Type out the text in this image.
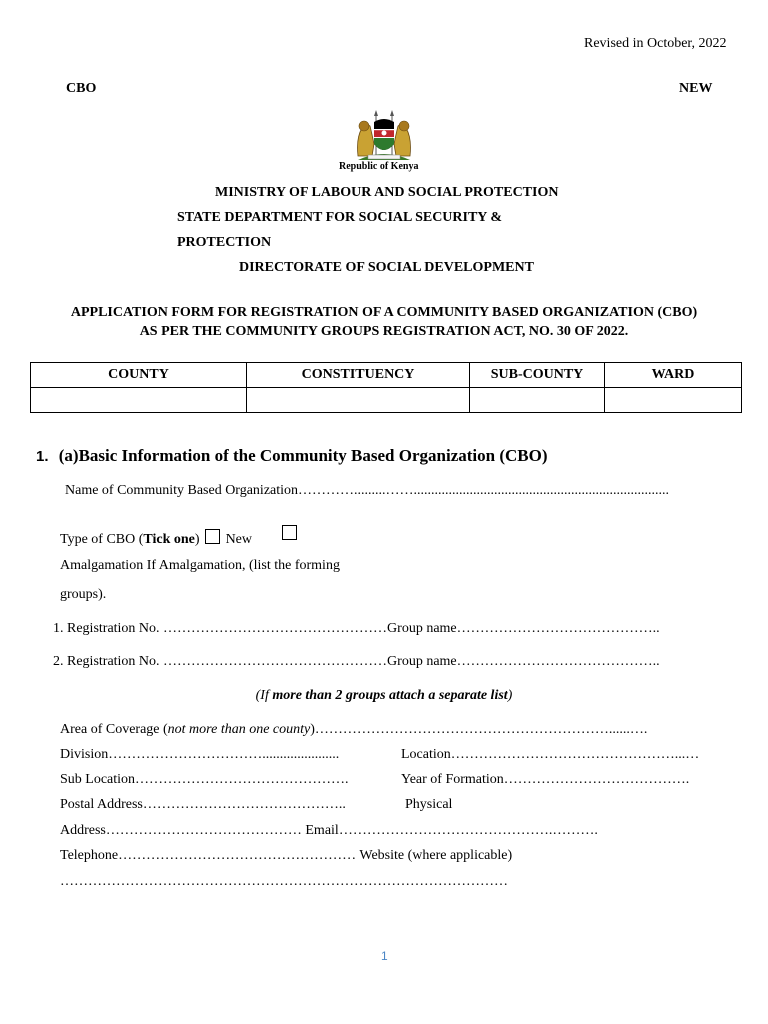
Revised in October, 2022
CBO	NEW
Republic of Kenya
MINISTRY OF LABOUR AND SOCIAL PROTECTION
STATE DEPARTMENT FOR SOCIAL SECURITY &
PROTECTION
DIRECTORATE OF SOCIAL DEVELOPMENT
APPLICATION FORM FOR REGISTRATION OF A COMMUNITY BASED ORGANIZATION (CBO)
AS PER THE COMMUNITY GROUPS REGISTRATION ACT, NO. 30 OF 2022.
COUNTY	CONSTITUENCY	SUB-COUNTY	WARD

1. (a)Basic Information of the Community Based Organization (CBO)
Name of Community Based Organization………….........…….........................................................................
Type of CBO (Tick one) New
Amalgamation If Amalgamation, (list the forming
groups).
1. Registration No. …………………………………………Group name……………………………………..
2. Registration No. …………………………………………Group name……………………………………..
(If more than 2 groups attach a separate list)
Area of Coverage (not more than one county)………………………………………………………......….
Division……………………………......................	Location…………………………………………...…
Sub Location……………………………………….	Year of Formation………………………………….
Postal Address……………………………………..	Physical
Address…………………………………… Email……………………………………….……….
Telephone…………………………………………… Website (where applicable)
……………………………………………………………………………………
1
